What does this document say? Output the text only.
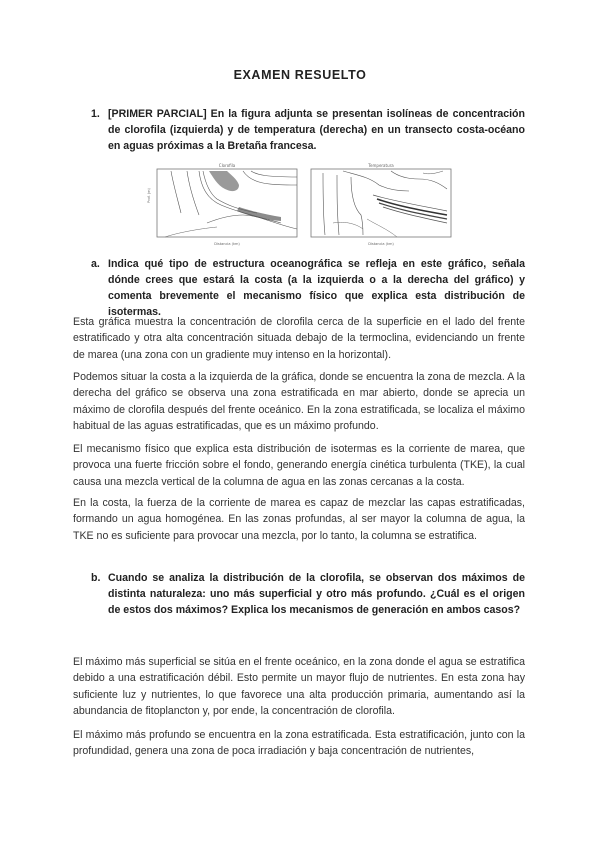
EXAMEN RESUELTO
1. [PRIMER PARCIAL] En la figura adjunta se presentan isolíneas de concentración de clorofila (izquierda) y de temperatura (derecha) en un transecto costa-océano en aguas próximas a la Bretaña francesa.
Clorofila
Prof. (m)
Distancia (km)
Temperatura
Distancia (km)
a. Indica qué tipo de estructura oceanográfica se refleja en este gráfico, señala dónde crees que estará la costa (a la izquierda o a la derecha del gráfico) y comenta brevemente el mecanismo físico que explica esta distribución de isotermas.
Esta gráfica muestra la concentración de clorofila cerca de la superficie en el lado del frente estratificado y otra alta concentración situada debajo de la termoclina, evidenciando un frente de marea (una zona con un gradiente muy intenso en la horizontal).
Podemos situar la costa a la izquierda de la gráfica, donde se encuentra la zona de mezcla. A la derecha del gráfico se observa una zona estratificada en mar abierto, donde se aprecia un máximo de clorofila después del frente oceánico. En la zona estratificada, se localiza el máximo habitual de las aguas estratificadas, que es un máximo profundo.
El mecanismo físico que explica esta distribución de isotermas es la corriente de marea, que provoca una fuerte fricción sobre el fondo, generando energía cinética turbulenta (TKE), la cual causa una mezcla vertical de la columna de agua en las zonas cercanas a la costa.
En la costa, la fuerza de la corriente de marea es capaz de mezclar las capas estratificadas, formando un agua homogénea. En las zonas profundas, al ser mayor la columna de agua, la TKE no es suficiente para provocar una mezcla, por lo tanto, la columna se estratifica.
b. Cuando se analiza la distribución de la clorofila, se observan dos máximos de distinta naturaleza: uno más superficial y otro más profundo. ¿Cuál es el origen de estos dos máximos? Explica los mecanismos de generación en ambos casos?
El máximo más superficial se sitúa en el frente oceánico, en la zona donde el agua se estratifica debido a una estratificación débil. Esto permite un mayor flujo de nutrientes. En esta zona hay suficiente luz y nutrientes, lo que favorece una alta producción primaria, aumentando así la abundancia de fitoplancton y, por ende, la concentración de clorofila.
El máximo más profundo se encuentra en la zona estratificada. Esta estratificación, junto con la profundidad, genera una zona de poca irradiación y baja concentración de nutrientes,
